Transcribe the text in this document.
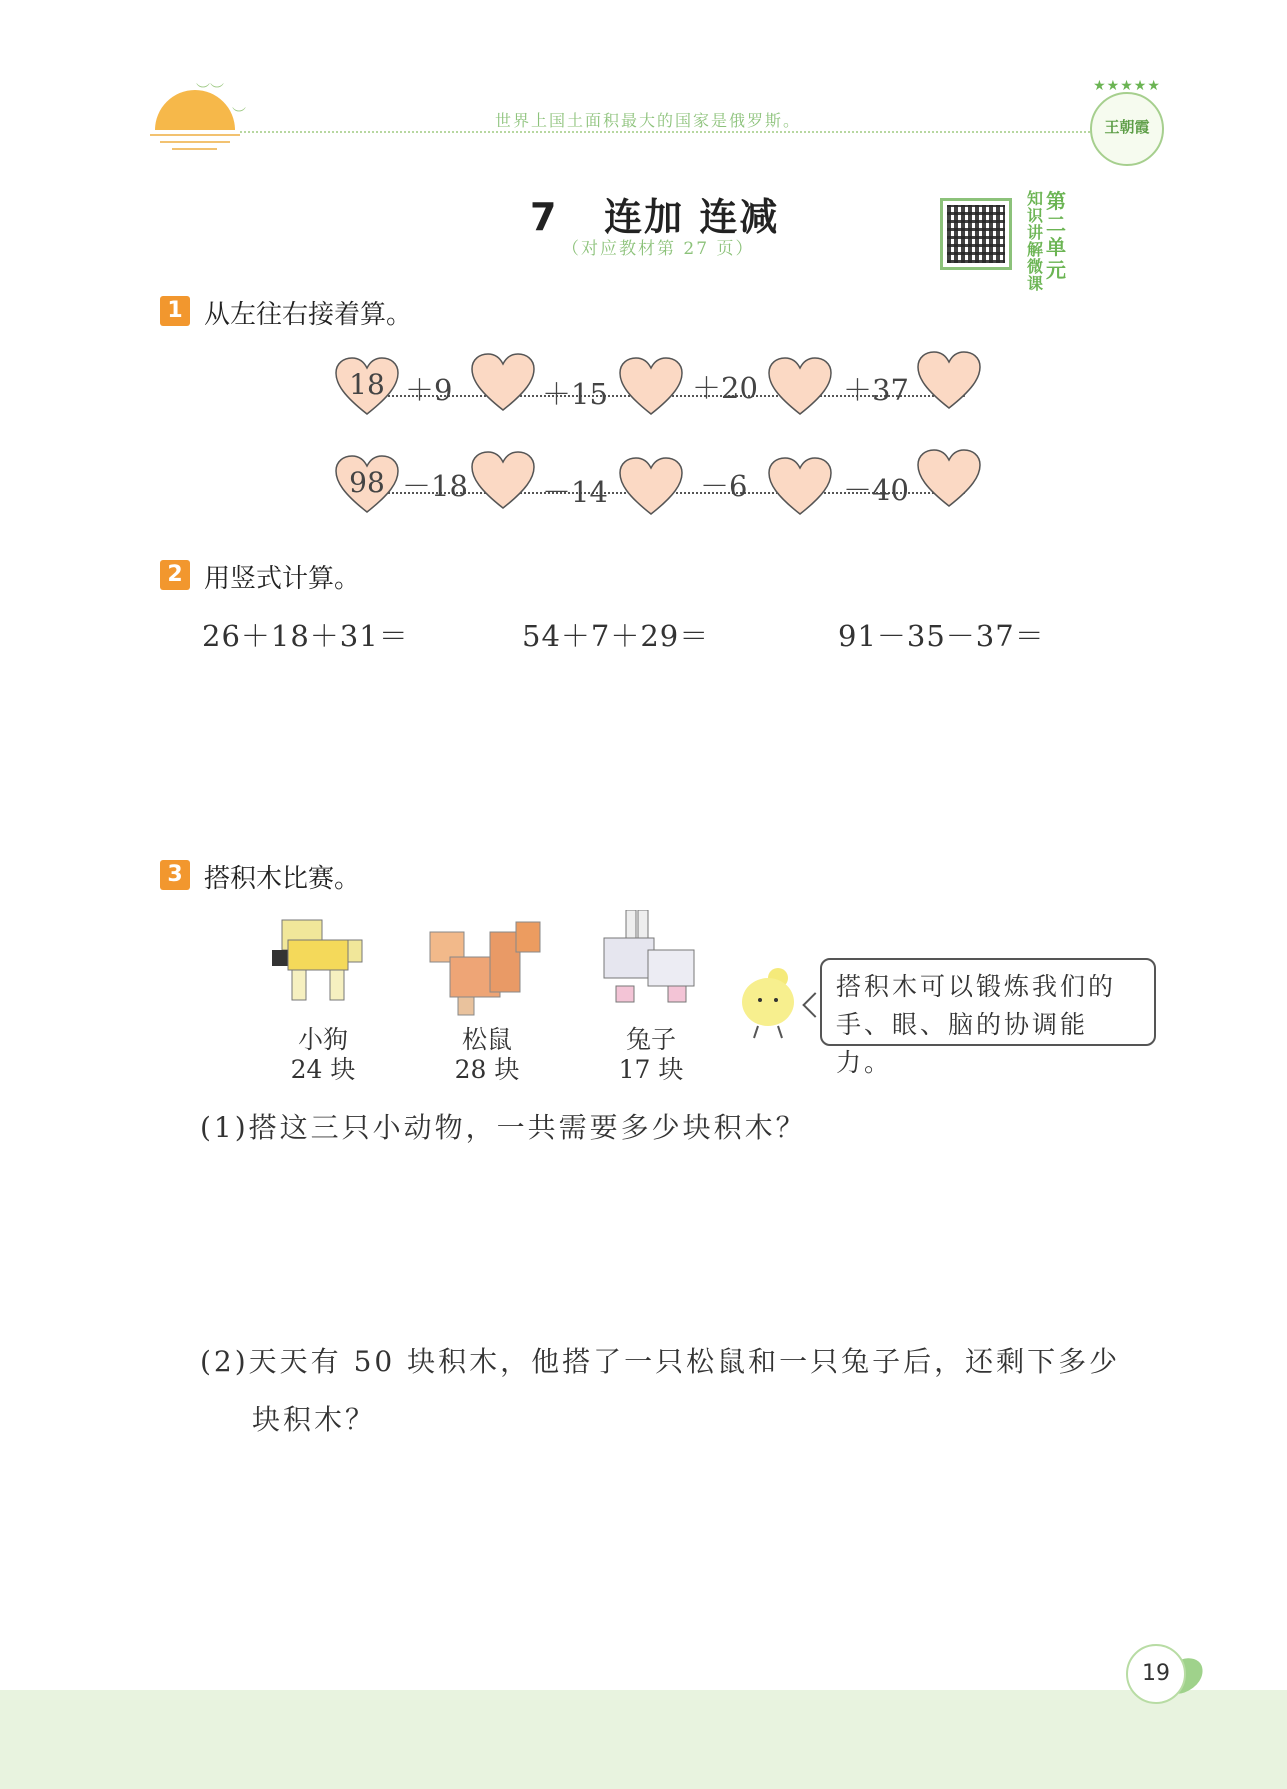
︶︶
︶	世界上国土面积最大的国家是俄罗斯。
★★★★★
王朝霞
7 连加 连减
（对应教材第 27 页）
知
识
讲
解
微
课
第
二
单
元
1 从左往右接着算。
18 ＋9	＋15	＋20	＋37
98 －18	－14	－6	－40
2 用竖式计算。
26＋18＋31＝	54＋7＋29＝	91－35－37＝
3 搭积木比赛。
小狗
24 块
松鼠
28 块
兔子
17 块
搭积木可以锻炼我们的
手、眼、脑的协调能力。
(1)搭这三只小动物，一共需要多少块积木？
(2)天天有 50 块积木，他搭了一只松鼠和一只兔子后，还剩下多少
块积木？
19
